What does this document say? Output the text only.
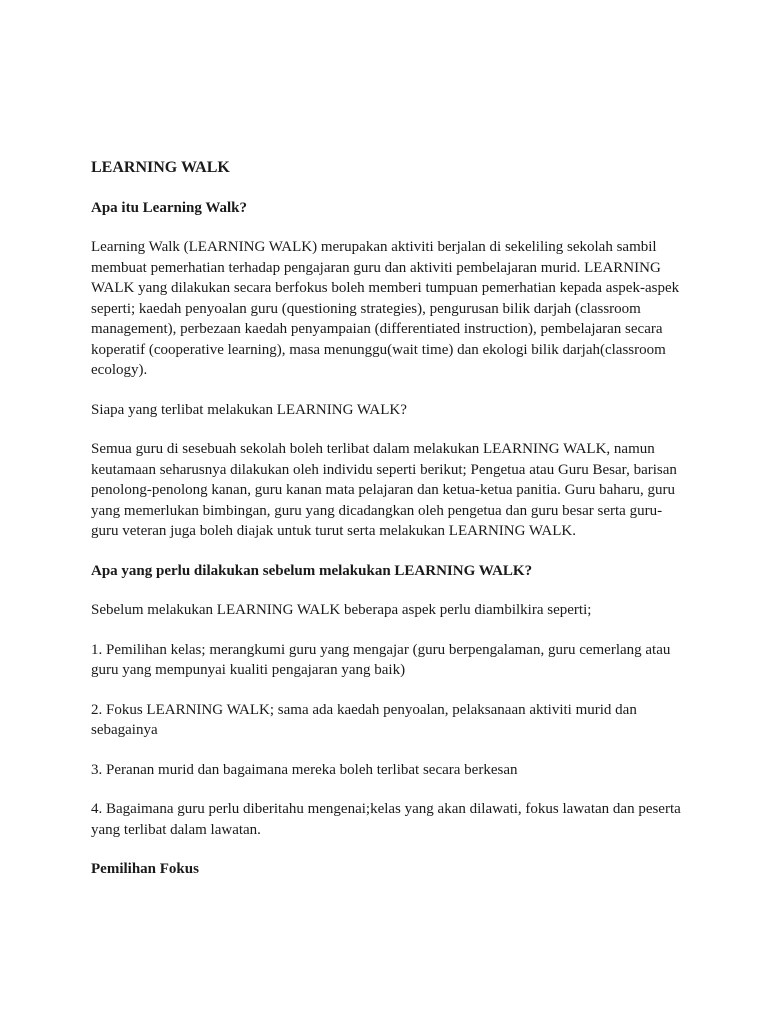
LEARNING WALK

Apa itu Learning Walk?

Learning Walk (LEARNING WALK) merupakan aktiviti berjalan di sekeliling sekolah sambil membuat pemerhatian terhadap pengajaran guru dan aktiviti pembelajaran murid. LEARNING WALK yang dilakukan secara berfokus boleh memberi tumpuan pemerhatian kepada aspek-aspek seperti; kaedah penyoalan guru (questioning strategies), pengurusan bilik darjah (classroom management), perbezaan kaedah penyampaian (differentiated instruction), pembelajaran secara koperatif (cooperative learning), masa menunggu(wait time) dan ekologi bilik darjah(classroom ecology).

Siapa yang terlibat melakukan LEARNING WALK?

Semua guru di sesebuah sekolah boleh terlibat dalam melakukan LEARNING WALK, namun keutamaan seharusnya dilakukan oleh individu seperti berikut; Pengetua atau Guru Besar, barisan penolong-penolong kanan, guru kanan mata pelajaran dan ketua-ketua panitia. Guru baharu, guru yang memerlukan bimbingan, guru yang dicadangkan oleh pengetua dan guru besar serta guru-guru veteran juga boleh diajak untuk turut serta melakukan LEARNING WALK.

Apa yang perlu dilakukan sebelum melakukan LEARNING WALK?

Sebelum melakukan LEARNING WALK beberapa aspek perlu diambilkira seperti;

1. Pemilihan kelas; merangkumi guru yang mengajar (guru berpengalaman, guru cemerlang atau guru yang mempunyai kualiti pengajaran yang baik)

2. Fokus LEARNING WALK; sama ada kaedah penyoalan, pelaksanaan aktiviti murid dan sebagainya

3. Peranan murid dan bagaimana mereka boleh terlibat secara berkesan

4. Bagaimana guru perlu diberitahu mengenai;kelas yang akan dilawati, fokus lawatan dan peserta yang terlibat dalam lawatan.

Pemilihan Fokus
